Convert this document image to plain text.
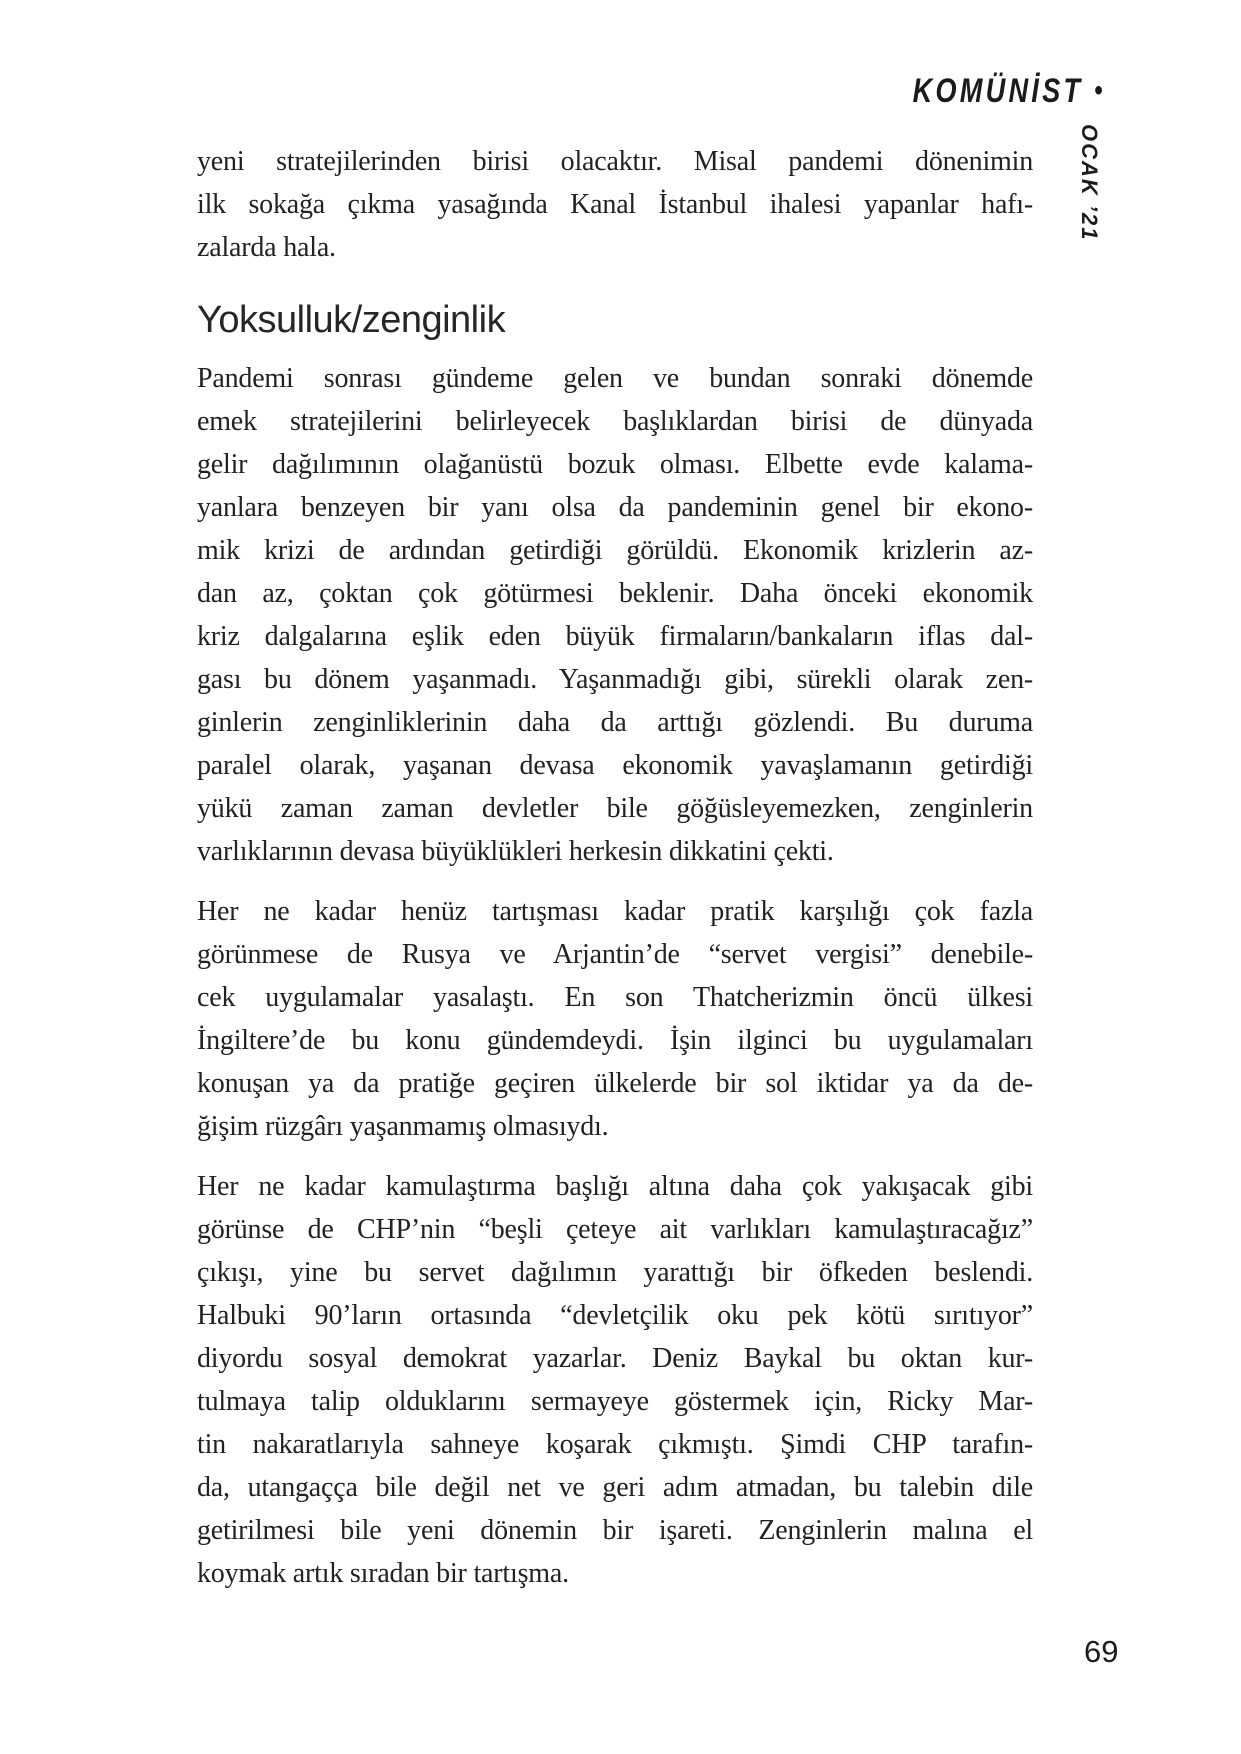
KOMÜNİST •
OCAK ’21
yeni stratejilerinden birisi olacaktır. Misal pandemi dönenimin
ilk sokağa çıkma yasağında Kanal İstanbul ihalesi yapanlar hafı-
zalarda hala.
Yoksulluk/zenginlik
Pandemi sonrası gündeme gelen ve bundan sonraki dönemde
emek stratejilerini belirleyecek başlıklardan birisi de dünyada
gelir dağılımının olağanüstü bozuk olması. Elbette evde kalama-
yanlara benzeyen bir yanı olsa da pandeminin genel bir ekono-
mik krizi de ardından getirdiği görüldü. Ekonomik krizlerin az-
dan az, çoktan çok götürmesi beklenir. Daha önceki ekonomik
kriz dalgalarına eşlik eden büyük firmaların/bankaların iflas dal-
gası bu dönem yaşanmadı. Yaşanmadığı gibi, sürekli olarak zen-
ginlerin zenginliklerinin daha da arttığı gözlendi. Bu duruma
paralel olarak, yaşanan devasa ekonomik yavaşlamanın getirdiği
yükü zaman zaman devletler bile göğüsleyemezken, zenginlerin
varlıklarının devasa büyüklükleri herkesin dikkatini çekti.
Her ne kadar henüz tartışması kadar pratik karşılığı çok fazla
görünmese de Rusya ve Arjantin’de “servet vergisi” denebile-
cek uygulamalar yasalaştı. En son Thatcherizmin öncü ülkesi
İngiltere’de bu konu gündemdeydi. İşin ilginci bu uygulamaları
konuşan ya da pratiğe geçiren ülkelerde bir sol iktidar ya da de-
ğişim rüzgârı yaşanmamış olmasıydı.
Her ne kadar kamulaştırma başlığı altına daha çok yakışacak gibi
görünse de CHP’nin “beşli çeteye ait varlıkları kamulaştıracağız”
çıkışı, yine bu servet dağılımın yarattığı bir öfkeden beslendi.
Halbuki 90’ların ortasında “devletçilik oku pek kötü sırıtıyor”
diyordu sosyal demokrat yazarlar. Deniz Baykal bu oktan kur-
tulmaya talip olduklarını sermayeye göstermek için, Ricky Mar-
tin nakaratlarıyla sahneye koşarak çıkmıştı. Şimdi CHP tarafın-
da, utangaçça bile değil net ve geri adım atmadan, bu talebin dile
getirilmesi bile yeni dönemin bir işareti. Zenginlerin malına el
koymak artık sıradan bir tartışma.
69
